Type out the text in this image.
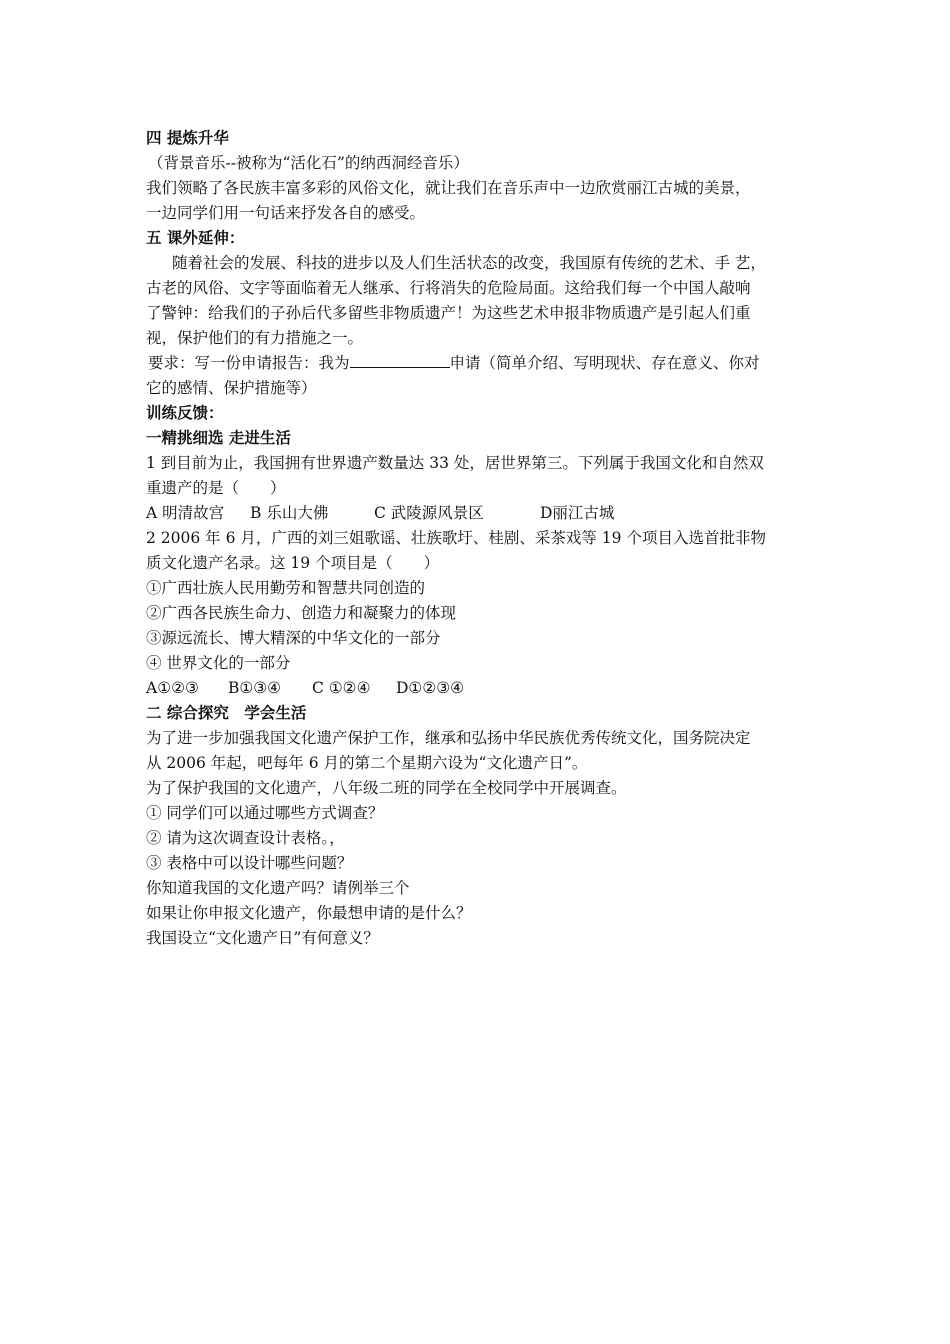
四 提炼升华
（背景音乐--被称为“活化石”的纳西洞经音乐）
我们领略了各民族丰富多彩的风俗文化，就让我们在音乐声中一边欣赏丽江古城的美景，
一边同学们用一句话来抒发各自的感受。
五 课外延伸：
随着社会的发展、科技的进步以及人们生活状态的改变，我国原有传统的艺术、手 艺，
古老的风俗、文字等面临着无人继承、行将消失的危险局面。这给我们每一个中国人敲响
了警钟：给我们的子孙后代多留些非物质遗产！为这些艺术申报非物质遗产是引起人们重
视，保护他们的有力措施之一。
要求：写一份申请报告：我为	申请（简单介绍、写明现状、存在意义、你对
它的感情、保护措施等）
训练反馈：
一精挑细选 走进生活
1 到目前为止，我国拥有世界遗产数量达 33 处，居世界第三。下列属于我国文化和自然双
重遗产的是（　　）
A 明清故宫 B 乐山大佛	C 武陵源风景区	D丽江古城
2 2006 年 6 月，广西的刘三姐歌谣、壮族歌圩、桂剧、采茶戏等 19 个项目入选首批非物
质文化遗产名录。这 19 个项目是（　　）
①广西壮族人民用勤劳和智慧共同创造的
②广西各民族生命力、创造力和凝聚力的体现
③源远流长、博大精深的中华文化的一部分
④ 世界文化的一部分
A①②③ B①③④ C ①②④ D①②③④
二 综合探究　学会生活
为了进一步加强我国文化遗产保护工作，继承和弘扬中华民族优秀传统文化，国务院决定
从 2006 年起，吧每年 6 月的第二个星期六设为“文化遗产日”。
为了保护我国的文化遗产，八年级二班的同学在全校同学中开展调查。
① 同学们可以通过哪些方式调查？
② 请为这次调查设计表格。，
③ 表格中可以设计哪些问题？
你知道我国的文化遗产吗？请例举三个
如果让你申报文化遗产，你最想申请的是什么？
我国设立“文化遗产日”有何意义？
